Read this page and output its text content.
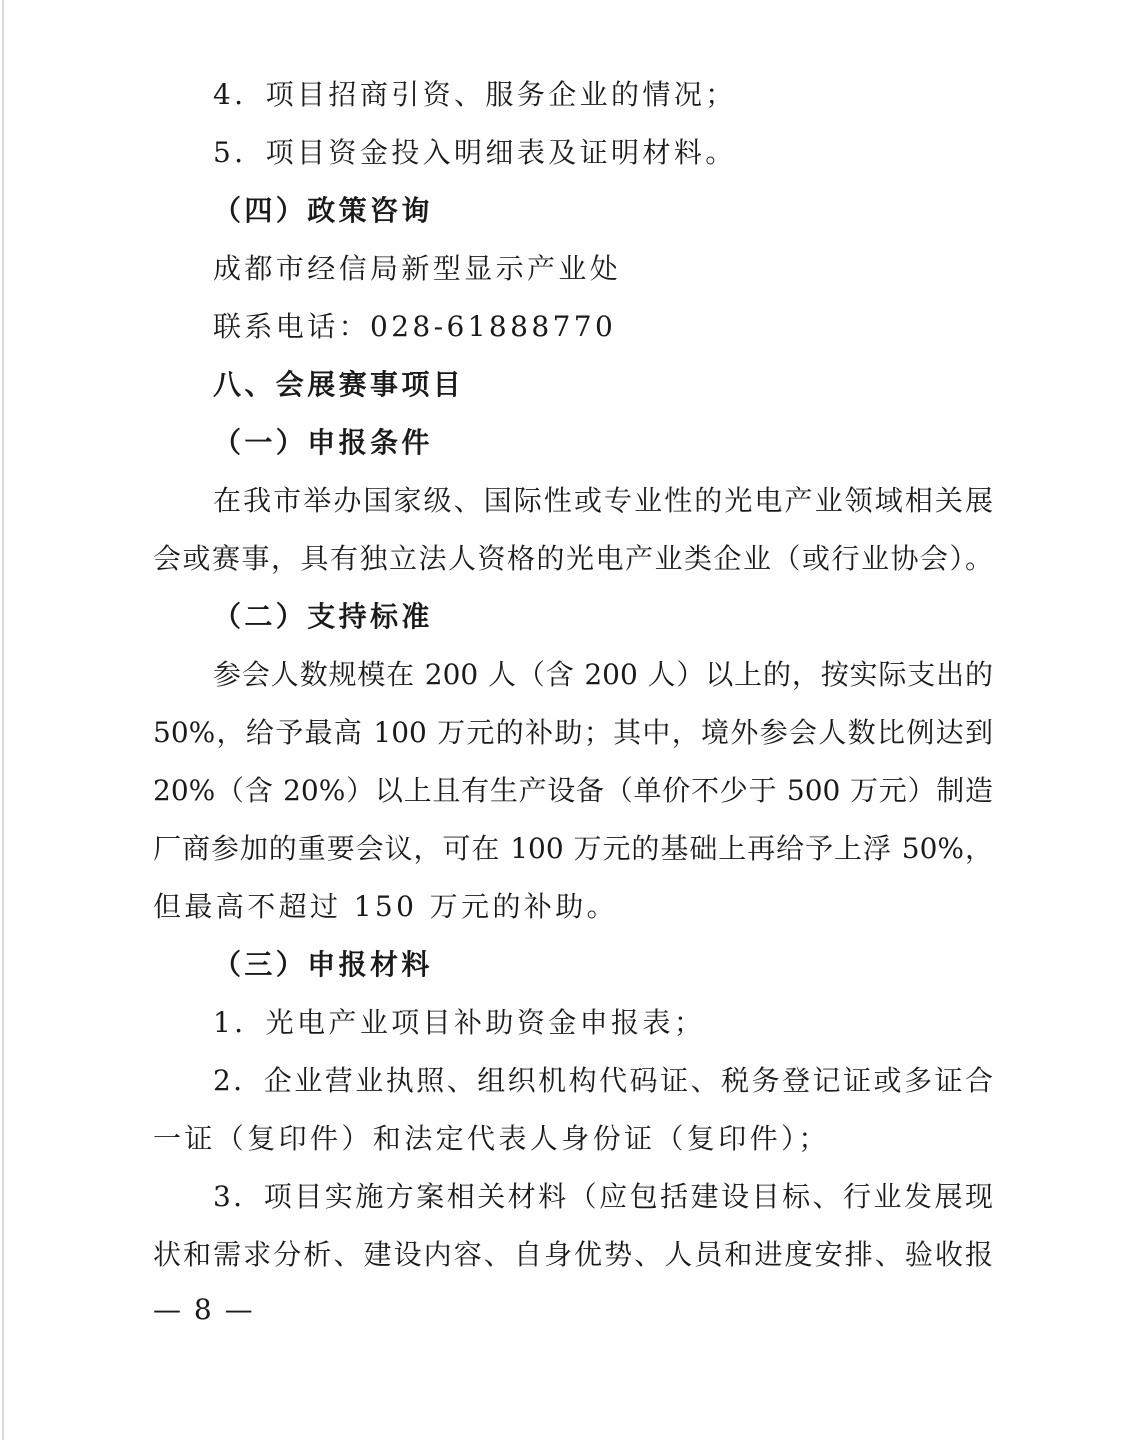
4．项目招商引资、服务企业的情况；
5．项目资金投入明细表及证明材料。
（四）政策咨询
成都市经信局新型显示产业处
联系电话：028-61888770
八、会展赛事项目
（一）申报条件
在我市举办国家级、国际性或专业性的光电产业领域相关展
会或赛事，具有独立法人资格的光电产业类企业（或行业协会）。
（二）支持标准
参会人数规模在 200 人（含 200 人）以上的，按实际支出的
50%，给予最高 100 万元的补助；其中，境外参会人数比例达到
20%（含 20%）以上且有生产设备（单价不少于 500 万元）制造
厂商参加的重要会议，可在 100 万元的基础上再给予上浮 50%，
但最高不超过 150 万元的补助。
（三）申报材料
1．光电产业项目补助资金申报表；
2．企业营业执照、组织机构代码证、税务登记证或多证合
一证（复印件）和法定代表人身份证（复印件）；
3．项目实施方案相关材料（应包括建设目标、行业发展现
状和需求分析、建设内容、自身优势、人员和进度安排、验收报
— 8 —
